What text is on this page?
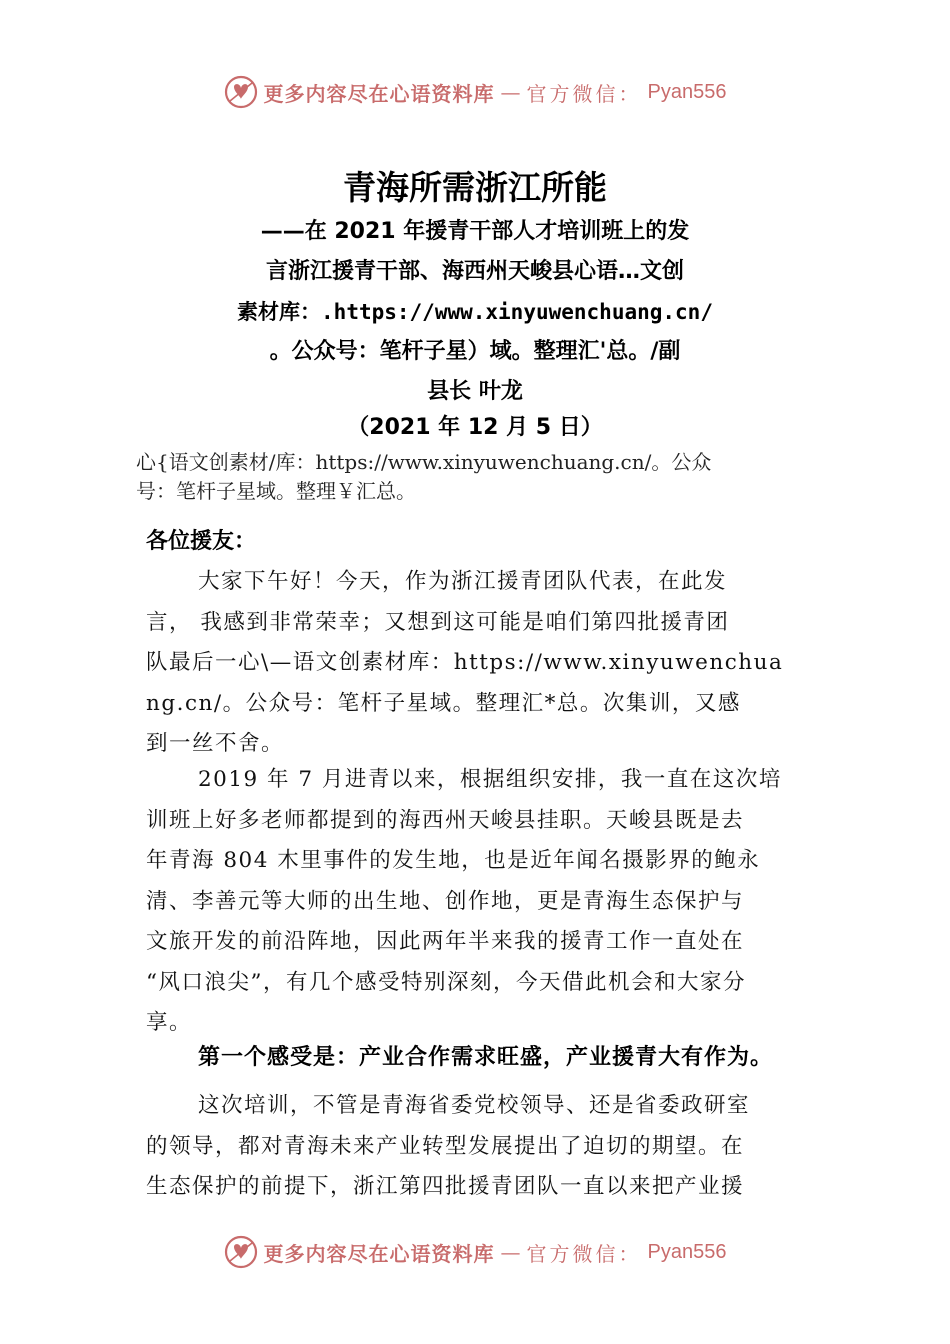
更多内容尽在心语资料库 — 官方微信： Pyan556
青海所需浙江所能
——在 2021 年援青干部人才培训班上的发
言浙江援青干部、海西州天峻县心语…文创
素材库：.https://www.xinyuwenchuang.cn/
。公众号：笔杆子星）域。整理汇'总。/副
县长 叶龙
（2021 年 12 月 5 日）
心{语文创素材/库：https://www.xinyuwenchuang.cn/。公众
号：笔杆子星域。整理￥汇总。
各位援友：
大家下午好！今天，作为浙江援青团队代表，在此发
言， 我感到非常荣幸；又想到这可能是咱们第四批援青团
队最后一心\—语文创素材库：https://www.xinyuwenchua
ng.cn/。公众号：笔杆子星域。整理汇*总。次集训，又感
到一丝不舍。
2019 年 7 月进青以来，根据组织安排，我一直在这次培
训班上好多老师都提到的海西州天峻县挂职。天峻县既是去
年青海 804 木里事件的发生地，也是近年闻名摄影界的鲍永
清、李善元等大师的出生地、创作地，更是青海生态保护与
文旅开发的前沿阵地，因此两年半来我的援青工作一直处在
“风口浪尖”，有几个感受特别深刻，今天借此机会和大家分
享。
第一个感受是：产业合作需求旺盛，产业援青大有作为。
这次培训，不管是青海省委党校领导、还是省委政研室
的领导，都对青海未来产业转型发展提出了迫切的期望。在
生态保护的前提下，浙江第四批援青团队一直以来把产业援
更多内容尽在心语资料库 — 官方微信： Pyan556
